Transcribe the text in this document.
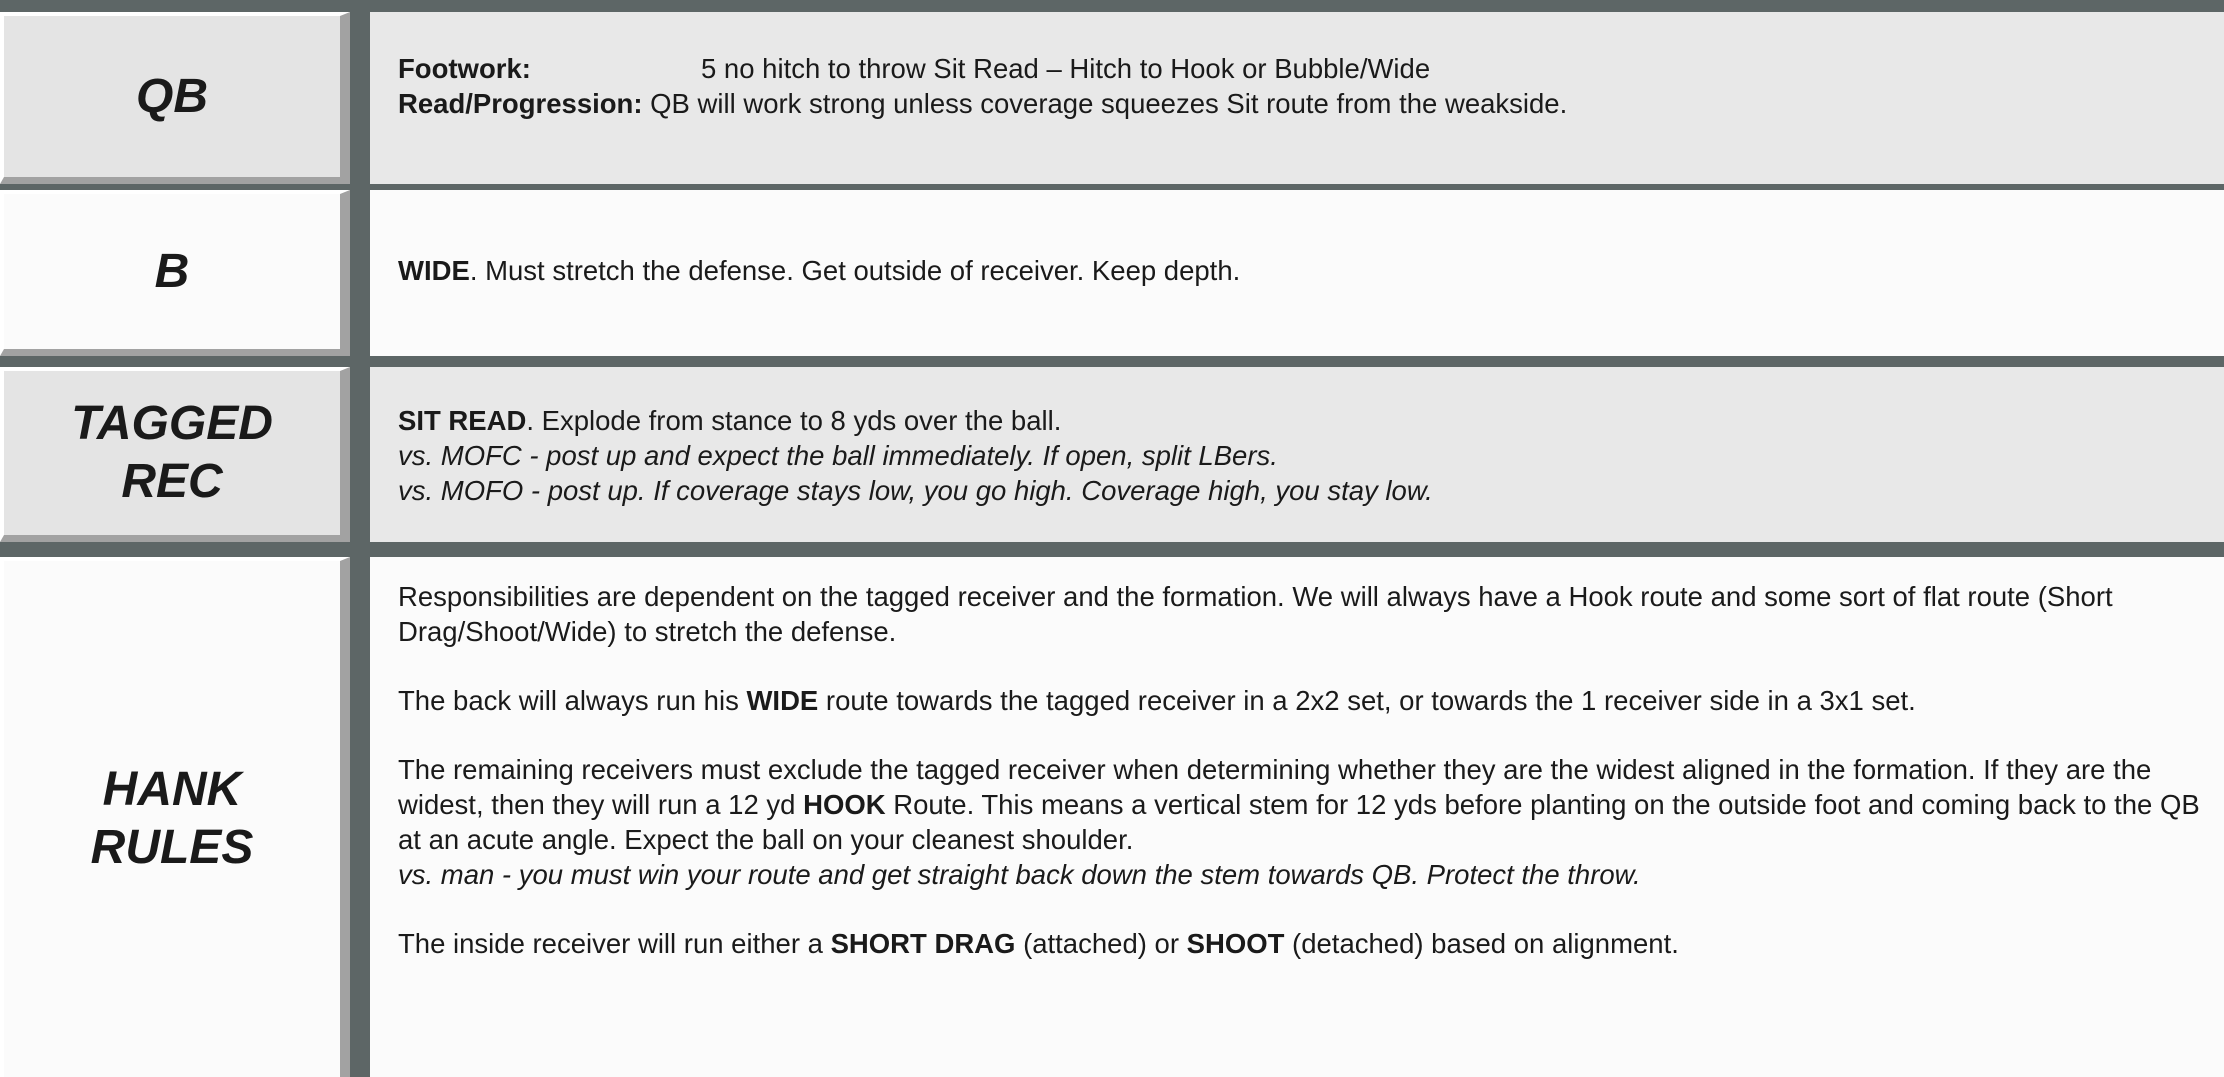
QB
Footwork:	5 no hitch to throw Sit Read – Hitch to Hook or Bubble/Wide
Read/Progression: QB will work strong unless coverage squeezes Sit route from the weakside.
B	WIDE. Must stretch the defense. Get outside of receiver. Keep depth.

TAGGED
REC

SIT READ. Explode from stance to 8 yds over the ball.

vs. MOFC - post up and expect the ball immediately. If open, split LBers.

vs. MOFO - post up. If coverage stays low, you go high. Coverage high, you stay low.

HANK
RULES

Responsibilities are dependent on the tagged receiver and the formation. We will always have a Hook route and some sort of flat route (Short Drag/Shoot/Wide) to stretch the defense.

The back will always run his WIDE route towards the tagged receiver in a 2x2 set, or towards the 1 receiver side in a 3x1 set.

The remaining receivers must exclude the tagged receiver when determining whether they are the widest aligned in the formation. If they are the widest, then they will run a 12 yd HOOK Route. This means a vertical stem for 12 yds before planting on the outside foot and coming back to the QB at an acute angle. Expect the ball on your cleanest shoulder.

vs. man - you must win your route and get straight back down the stem towards QB. Protect the throw.

The inside receiver will run either a SHORT DRAG (attached) or SHOOT (detached) based on alignment.
